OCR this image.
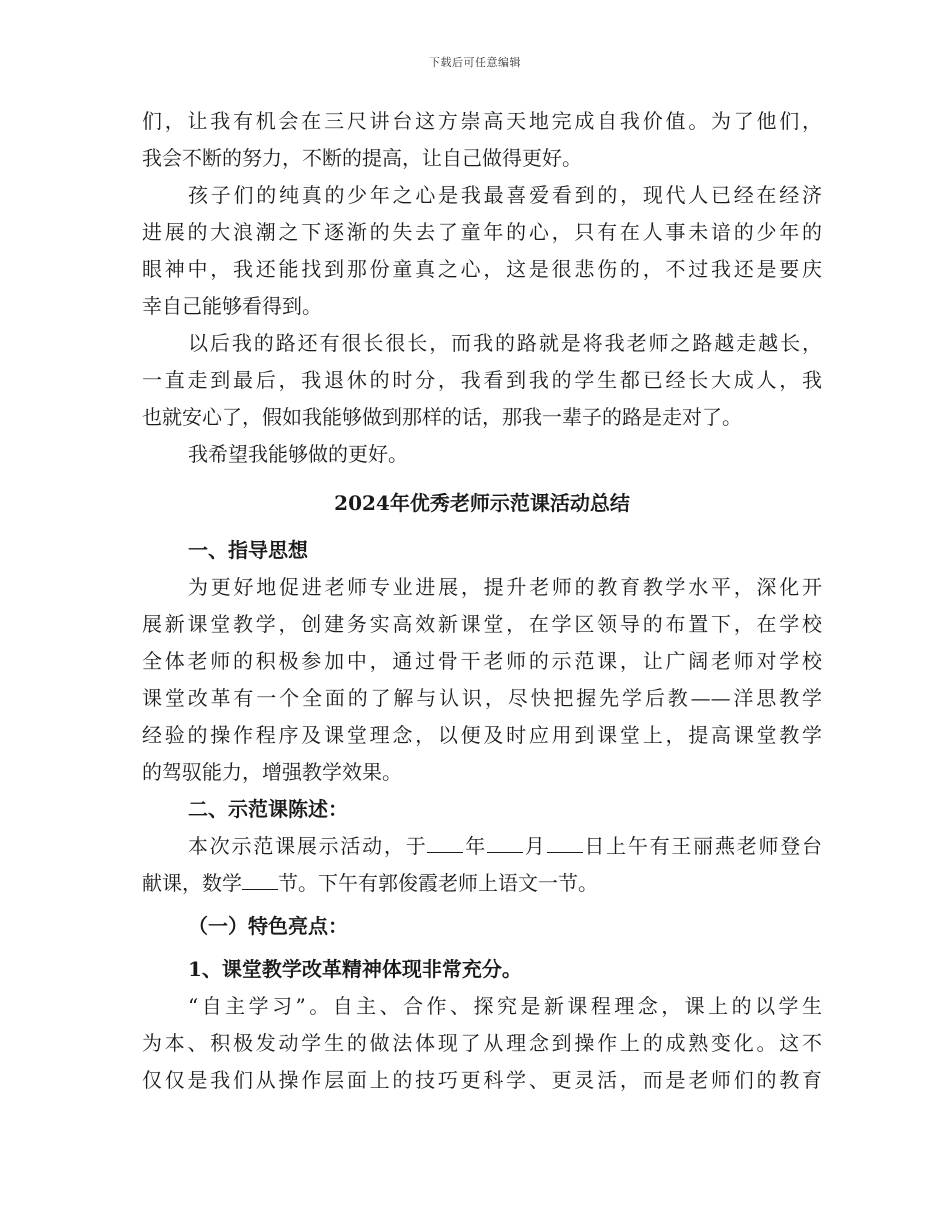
下载后可任意编辑
们，让我有机会在三尺讲台这方崇高天地完成自我价值。为了他们，
我会不断的努力，不断的提高，让自己做得更好。
孩子们的纯真的少年之心是我最喜爱看到的，现代人已经在经济
进展的大浪潮之下逐渐的失去了童年的心，只有在人事未谙的少年的
眼神中，我还能找到那份童真之心，这是很悲伤的，不过我还是要庆
幸自己能够看得到。
以后我的路还有很长很长，而我的路就是将我老师之路越走越长，
一直走到最后，我退休的时分，我看到我的学生都已经长大成人，我
也就安心了，假如我能够做到那样的话，那我一辈子的路是走对了。
我希望我能够做的更好。
2024年优秀老师示范课活动总结
一、指导思想
为更好地促进老师专业进展，提升老师的教育教学水平，深化开
展新课堂教学，创建务实高效新课堂，在学区领导的布置下，在学校
全体老师的积极参加中，通过骨干老师的示范课，让广阔老师对学校
课堂改革有一个全面的了解与认识，尽快把握先学后教——洋思教学
经验的操作程序及课堂理念，以便及时应用到课堂上，提高课堂教学
的驾驭能力，增强教学效果。
二、示范课陈述：
本次示范课展示活动，于 年 月 日上午有王丽燕老师登台
献课，数学 节。下午有郭俊霞老师上语文一节。
（一）特色亮点：
1、课堂教学改革精神体现非常充分。
“自主学习”。自主、合作、探究是新课程理念，课上的以学生
为本、积极发动学生的做法体现了从理念到操作上的成熟变化。这不
仅仅是我们从操作层面上的技巧更科学、更灵活，而是老师们的教育
